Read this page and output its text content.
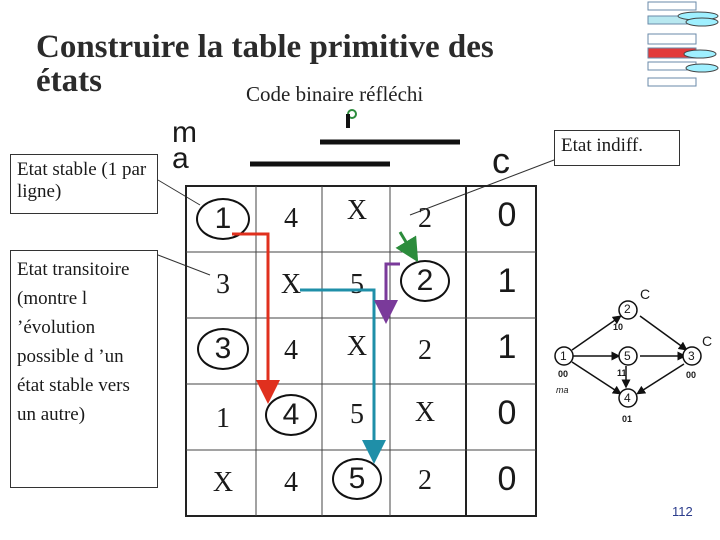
Construire la table primitive des
états	Code binaire réfléchi
Etat stable (1 par ligne)
Etat transitoire (montre l ’évolution possible d ’un état stable vers un autre)
Etat indiff.
m
a	c
1	4	X	2	0
3	X	5	2	1
3	4	X	2	1
1	4	5	X	0
X	4	5	2	0
2
C
10
1
00
ma
5
11
3
C
00
4
01
112
